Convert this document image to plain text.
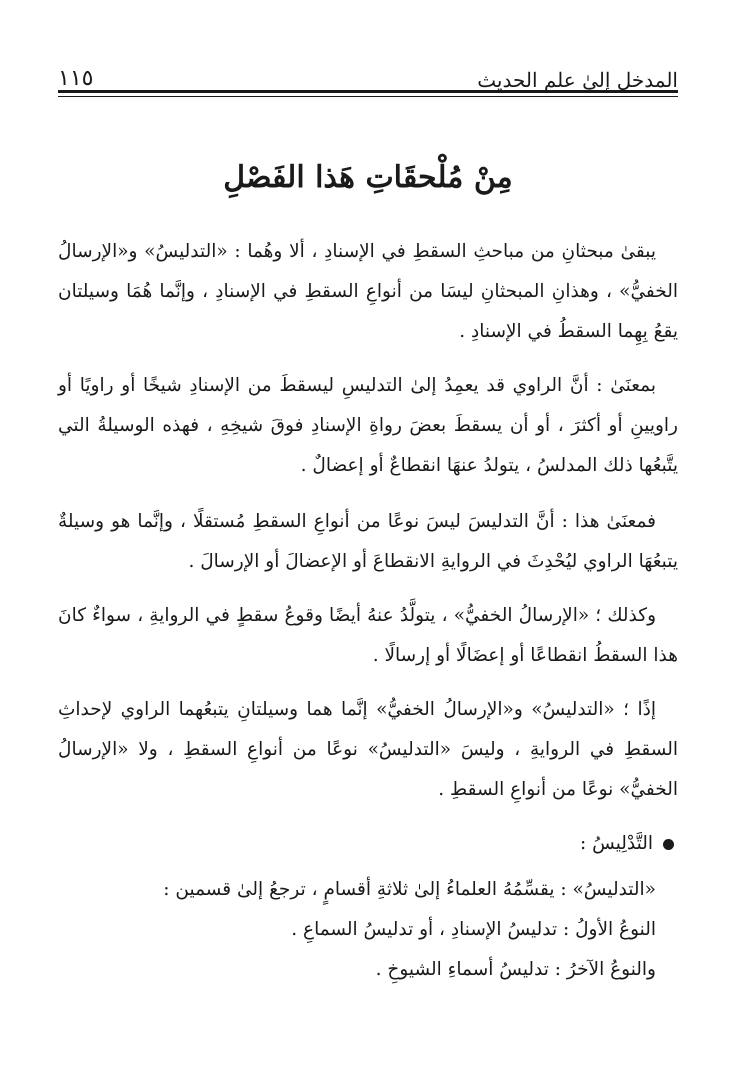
المدخل إلىٰ علم الحديث
١١٥
مِنْ مُلْحقَاتِ هَذا الفَصْلِ

يبقىٰ مبحثانِ من مباحثِ السقطِ في الإسنادِ ، ألا وهُما : «التدليسُ» و«الإرسالُ الخفيُّ» ، وهذانِ المبحثانِ ليسَا من أنواعِ السقطِ في الإسنادِ ، وإنَّما هُمَا وسيلتان يقعُ بِهِما السقطُ في الإسنادِ .

بمعنَىٰ : أنَّ الراوي قد يعمِدُ إلىٰ التدليسِ ليسقطَ من الإسنادِ شيخًا أو راويًا أو راويينِ أو أكثرَ ، أو أن يسقطَ بعضَ رواةِ الإسنادِ فوقَ شيخِهِ ، فهذه الوسيلةُ التي يتَّبعُها ذلك المدلسُ ، يتولدُ عنهَا انقطاعٌ أو إعضالٌ .

فمعنَىٰ هذا : أنَّ التدليسَ ليسَ نوعًا من أنواعِ السقطِ مُستقلًا ، وإنَّما هو وسيلةٌ يتبعُهَا الراوي ليُحْدِثَ في الروايةِ الانقطاعَ أو الإعضالَ أو الإرسالَ .

وكذلك ؛ «الإرسالُ الخفيُّ» ، يتولَّدُ عنهُ أيضًا وقوعُ سقطٍ في الروايةِ ، سواءٌ كانَ هذا السقطُ انقطاعًا أو إعضَالًا أو إرسالًا .

إذًا ؛ «التدليسُ» و«الإرسالُ الخفيُّ» إنَّما هما وسيلتانِ يتبعُهما الراوي لإحداثِ السقطِ في الروايةِ ، وليسَ «التدليسُ» نوعًا من أنواعِ السقطِ ، ولا «الإرسالُ الخفيُّ» نوعًا من أنواعِ السقطِ .

التَّدْلِيسُ :

«التدليسُ» : يقسِّمُهُ العلماءُ إلىٰ ثلاثةِ أقسامٍ ، ترجعُ إلىٰ قسمين :

النوعُ الأولُ : تدليسُ الإسنادِ ، أو تدليسُ السماعِ .

والنوعُ الآخرُ : تدليسُ أسماءِ الشيوخِ .
